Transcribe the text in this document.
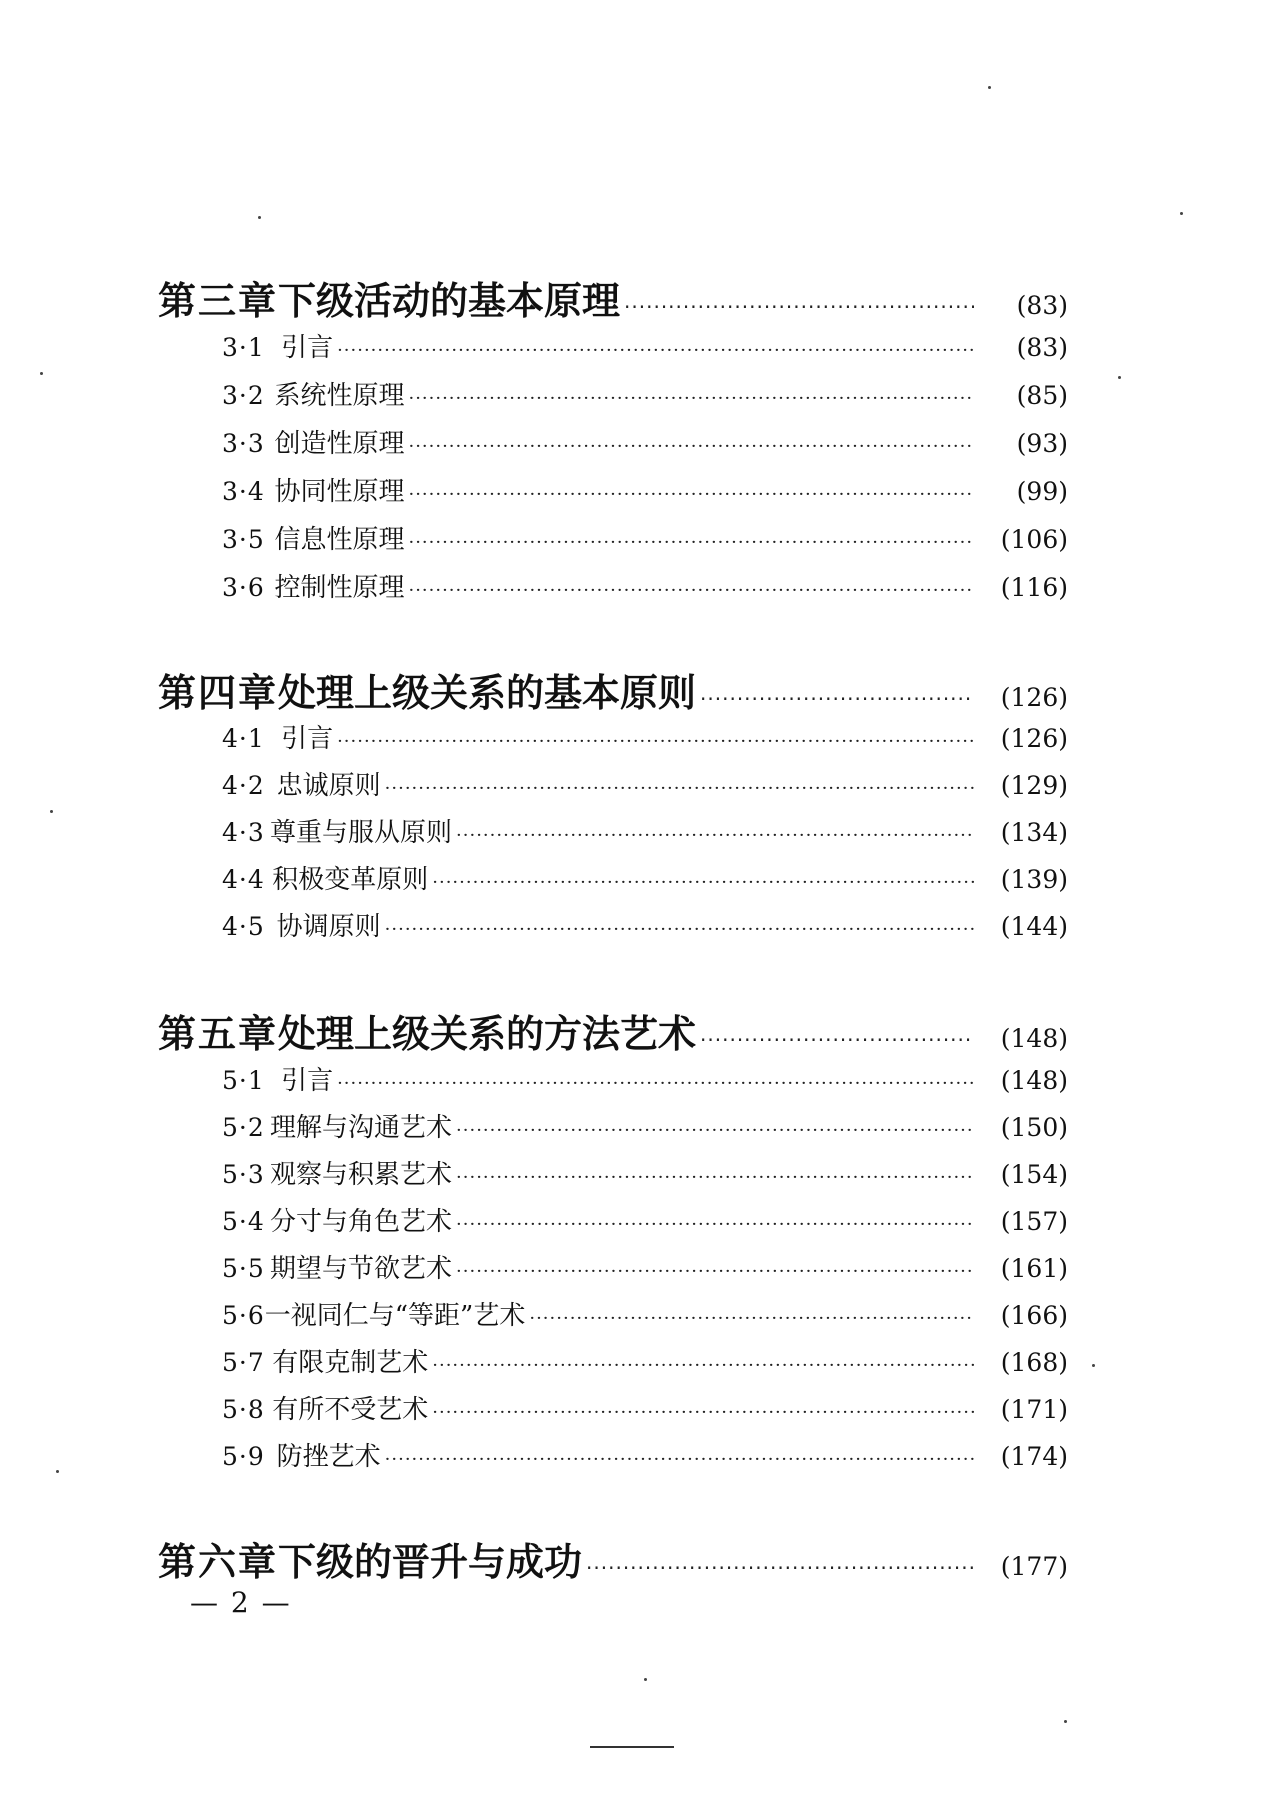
第三章 下级活动的基本原理 ·····	(83)
3·1 引言 ·····	(83)
3·2 系统性原理 ·····	(85)
3·3 创造性原理 ·····	(93)
3·4 协同性原理 ·····	(99)
3·5 信息性原理 ·····	(106)
3·6 控制性原理 ·····	(116)
第四章 处理上级关系的基本原则 ·····	(126)
4·1 引言 ·····	(126)
4·2 忠诚原则 ·····	(129)
4·3 尊重与服从原则 ·····	(134)
4·4 积极变革原则 ·····	(139)
4·5 协调原则 ·····	(144)
第五章 处理上级关系的方法艺术 ·····	(148)
5·1 引言 ·····	(148)
5·2 理解与沟通艺术 ·····	(150)
5·3 观察与积累艺术 ·····	(154)
5·4 分寸与角色艺术 ·····	(157)
5·5 期望与节欲艺术 ·····	(161)
5·6 一视同仁与“等距”艺术 ·····	(166)
5·7 有限克制艺术 ·····	(168)
5·8 有所不受艺术 ·····	(171)
5·9 防挫艺术 ·····	(174)
第六章 下级的晋升与成功 ·····	(177)
— 2 —
